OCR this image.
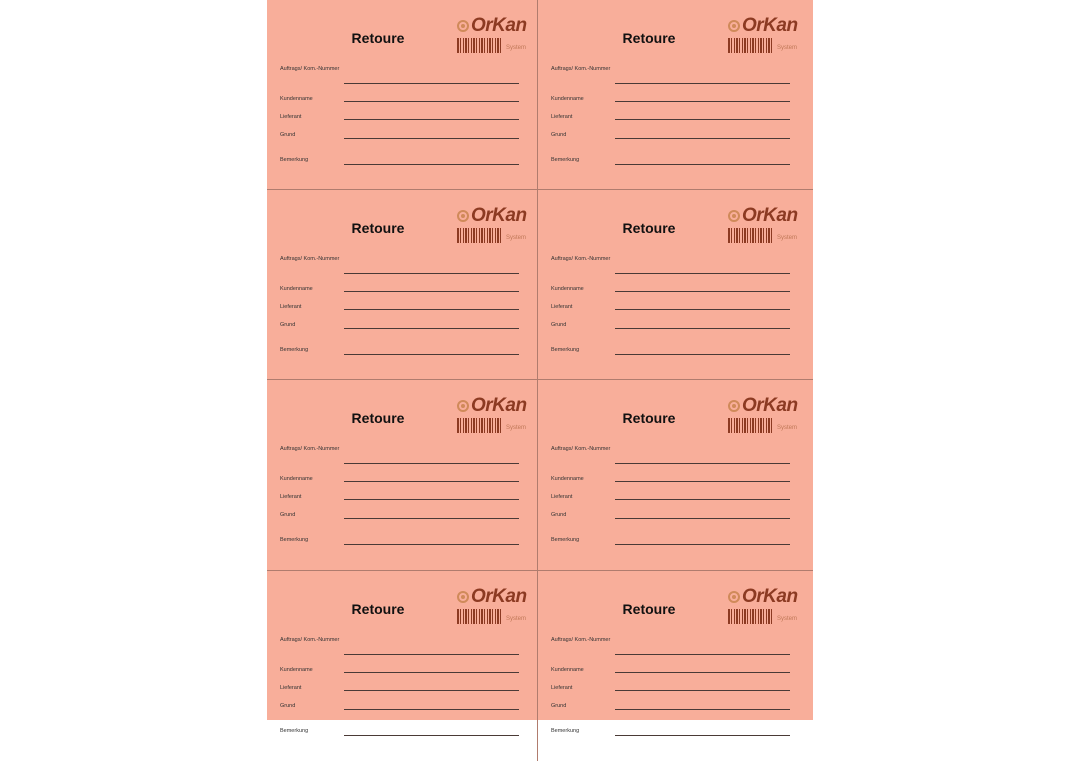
Retoure
OrKan
System
Auftrags/ Kom.-Nummer
Kundenname
Lieferant
Grund
Bemerkung
Retoure
OrKan
System
Auftrags/ Kom.-Nummer
Kundenname
Lieferant
Grund
Bemerkung
Retoure
OrKan
System
Auftrags/ Kom.-Nummer
Kundenname
Lieferant
Grund
Bemerkung
Retoure
OrKan
System
Auftrags/ Kom.-Nummer
Kundenname
Lieferant
Grund
Bemerkung
Retoure
OrKan
System
Auftrags/ Kom.-Nummer
Kundenname
Lieferant
Grund
Bemerkung
Retoure
OrKan
System
Auftrags/ Kom.-Nummer
Kundenname
Lieferant
Grund
Bemerkung
Retoure
OrKan
System
Auftrags/ Kom.-Nummer
Kundenname
Lieferant
Grund
Bemerkung
Retoure
OrKan
System
Auftrags/ Kom.-Nummer
Kundenname
Lieferant
Grund
Bemerkung
